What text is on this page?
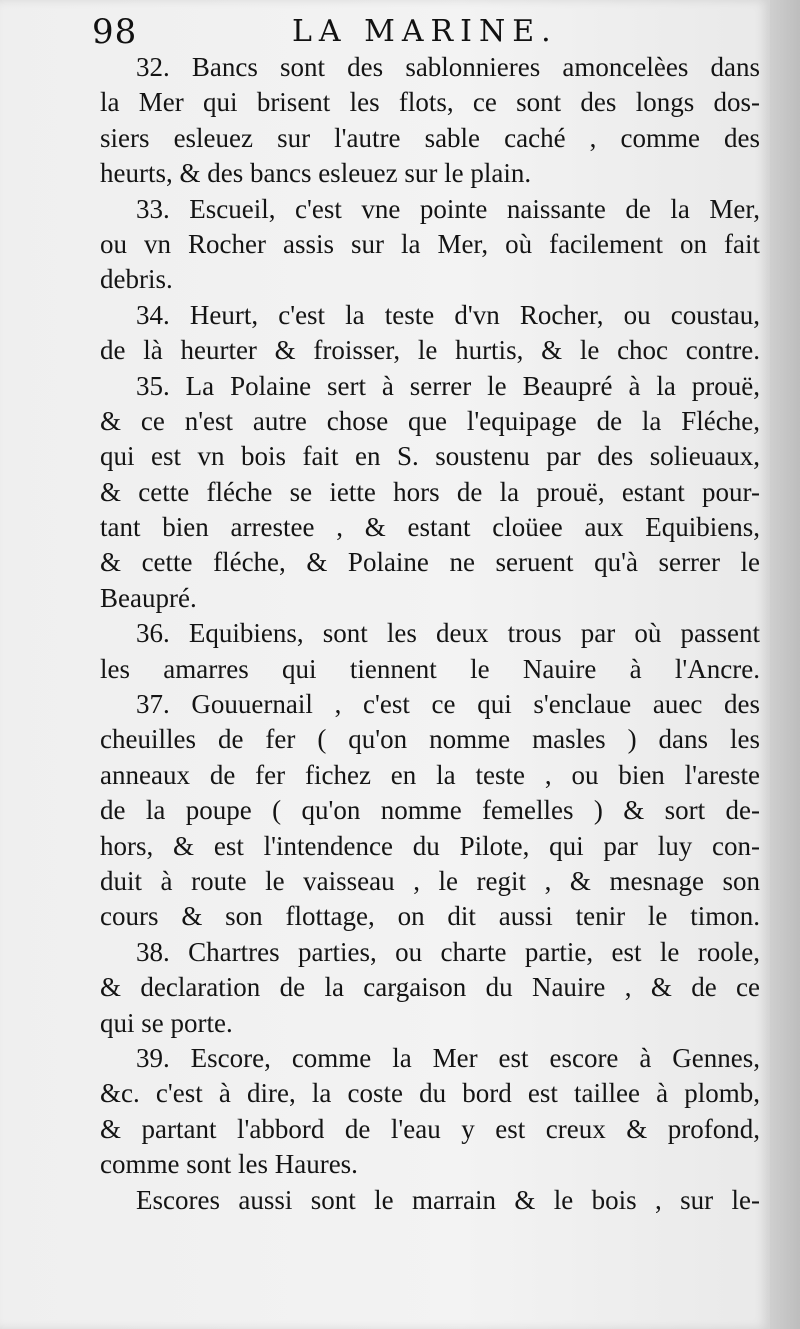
98	LA MARINE.
32. Bancs sont des sablonnieres amoncelèes dans
la Mer qui brisent les flots, ce sont des longs dos-
siers esleuez sur l'autre sable caché , comme des
heurts, & des bancs esleuez sur le plain.
33. Escueil, c'est vne pointe naissante de la Mer,
ou vn Rocher assis sur la Mer, où facilement on fait
debris.
34. Heurt, c'est la teste d'vn Rocher, ou coustau,
de là heurter & froisser, le hurtis, & le choc contre.
35. La Polaine sert à serrer le Beaupré à la prouë,
& ce n'est autre chose que l'equipage de la Fléche,
qui est vn bois fait en S. soustenu par des solieuaux,
& cette fléche se iette hors de la prouë, estant pour-
tant bien arrestee , & estant cloüee aux Equibiens,
& cette fléche, & Polaine ne seruent qu'à serrer le
Beaupré.
36. Equibiens, sont les deux trous par où passent
les amarres qui tiennent le Nauire à l'Ancre.
37. Gouuernail , c'est ce qui s'enclaue auec des
cheuilles de fer ( qu'on nomme masles ) dans les
anneaux de fer fichez en la teste , ou bien l'areste
de la poupe ( qu'on nomme femelles ) & sort de-
hors, & est l'intendence du Pilote, qui par luy con-
duit à route le vaisseau , le regit , & mesnage son
cours & son flottage, on dit aussi tenir le timon.
38. Chartres parties, ou charte partie, est le roole,
& declaration de la cargaison du Nauire , & de ce
qui se porte.
39. Escore, comme la Mer est escore à Gennes,
&c. c'est à dire, la coste du bord est taillee à plomb,
& partant l'abbord de l'eau y est creux & profond,
comme sont les Haures.
Escores aussi sont le marrain & le bois , sur le-
